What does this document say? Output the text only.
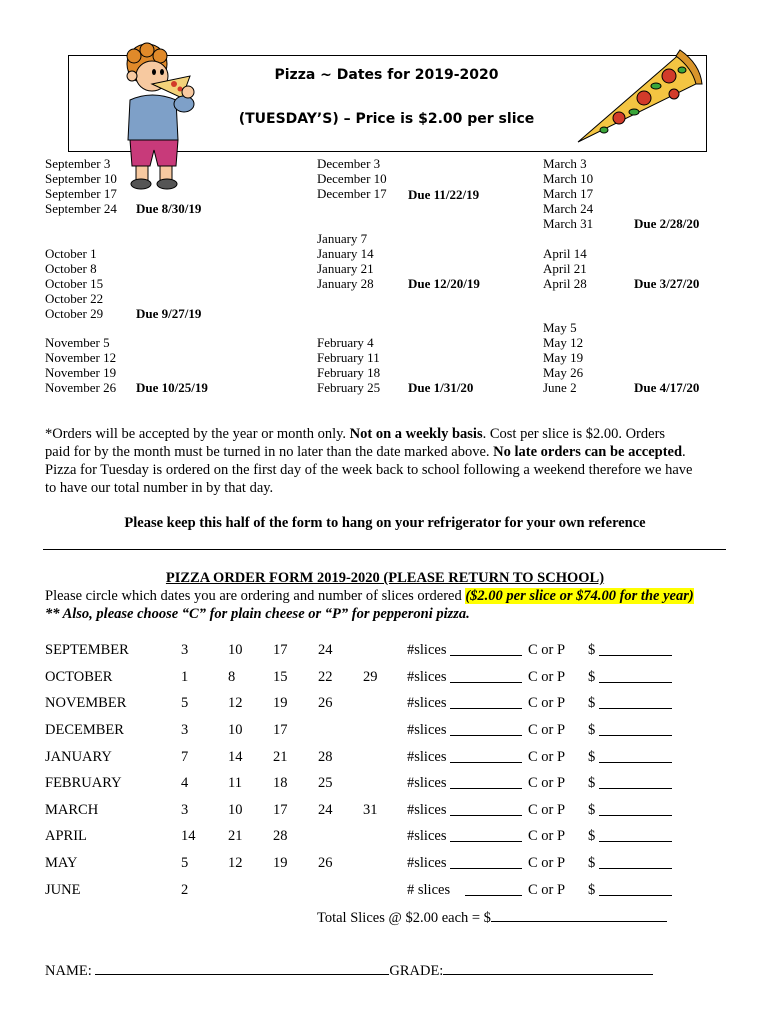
Pizza ~ Dates for 2019-2020
(TUESDAY’S) – Price is $2.00 per slice
September 3
September 10
September 17
September 24 Due 8/30/19
October 1
October 8
October 15
October 22
October 29	Due 9/27/19
November 5
November 12
November 19
November 26 Due 10/25/19
December 3
December 10
December 17 Due 11/22/19
January 7
January 14
January 21
January 28	Due 12/20/19
February 4
February 11
February 18
February 25 Due 1/31/20
March 3
March 10
March 17
March 24
March 31	Due 2/28/20
April 14
April 21
April 28	Due 3/27/20
May 5
May 12
May 19
May 26
June 2	Due 4/17/20

*Orders will be accepted by the year or month only. Not on a weekly basis. Cost per slice is $2.00. Orders

paid for by the month must be turned in no later than the date marked above. No late orders can be accepted.

Pizza for Tuesday is ordered on the first day of the week back to school following a weekend therefore we have

to have our total number in by that day.

Please keep this half of the form to hang on your refrigerator for your own reference
PIZZA ORDER FORM 2019-2020 (PLEASE RETURN TO SCHOOL)
Please circle which dates you are ordering and number of slices ordered ($2.00 per slice or $74.00 for the year)
** Also, please choose “C” for plain cheese or “P” for pepperoni pizza.
SEPTEMBER	3	10 17 24	#slices	C or P $
OCTOBER	1	8	15 22 29 #slices	C or P $
NOVEMBER	5	12 19 26	#slices	C or P $
DECEMBER	3	10 17	#slices	C or P $
JANUARY	7	14 21 28	#slices	C or P $
FEBRUARY	4	11 18 25	#slices	C or P $
MARCH	3	10 17 24 31 #slices	C or P $
APRIL	14 21 28	#slices	C or P $
MAY	5	12 19 26	#slices	C or P $
JUNE	2	# slices	C or P $
Total Slices @ $2.00 each = $
NAME:	GRADE:
